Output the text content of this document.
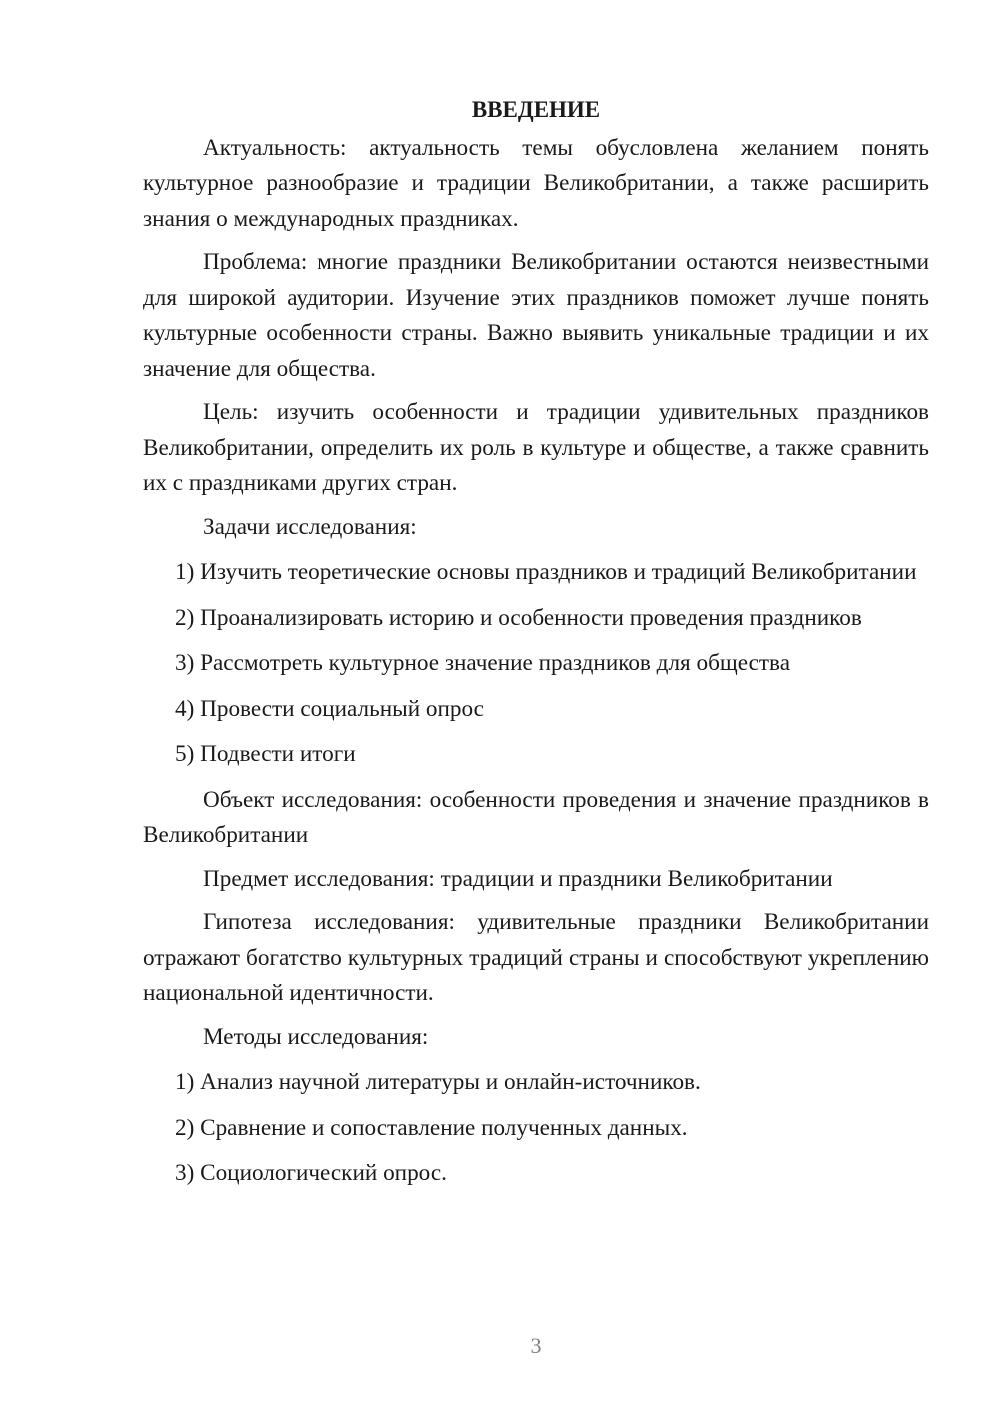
ВВЕДЕНИЕ

Актуальность: актуальность темы обусловлена желанием понять культурное разнообразие и традиции Великобритании, а также расширить знания о международных праздниках.

Проблема: многие праздники Великобритании остаются неизвестными для широкой аудитории. Изучение этих праздников поможет лучше понять культурные особенности страны. Важно выявить уникальные традиции и их значение для общества.

Цель: изучить особенности и традиции удивительных праздников Великобритании, определить их роль в культуре и обществе, а также сравнить их с праздниками других стран.

Задачи исследования:

1) Изучить теоретические основы праздников и традиций Великобритании

2) Проанализировать историю и особенности проведения праздников

3) Рассмотреть культурное значение праздников для общества

4) Провести социальный опрос

5) Подвести итоги

Объект исследования: особенности проведения и значение праздников в Великобритании

Предмет исследования: традиции и праздники Великобритании

Гипотеза исследования: удивительные праздники Великобритании отражают богатство культурных традиций страны и способствуют укреплению национальной идентичности.

Методы исследования:

1) Анализ научной литературы и онлайн-источников.

2) Сравнение и сопоставление полученных данных.

3) Социологический опрос.

3
